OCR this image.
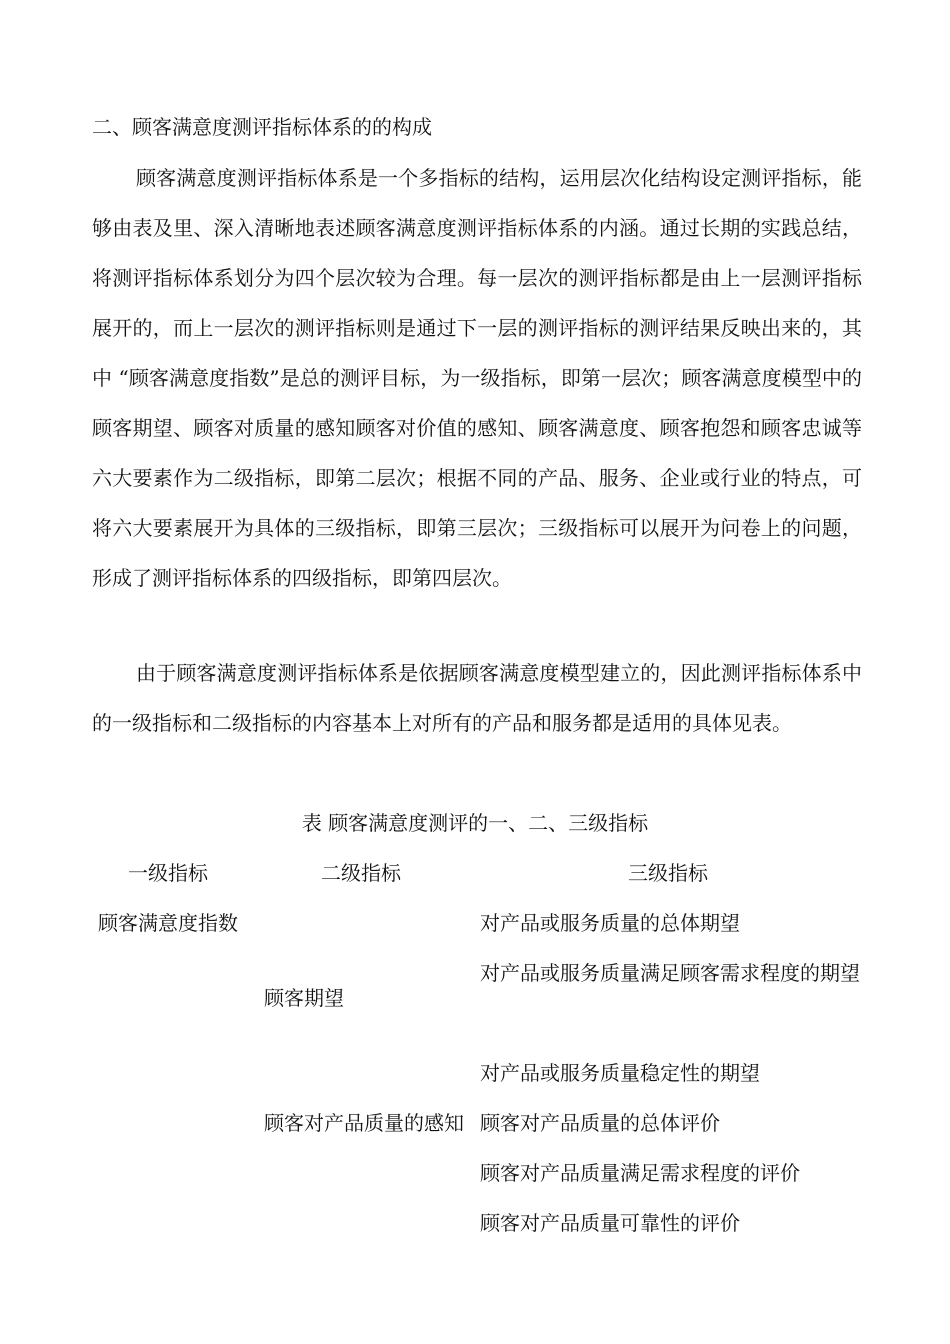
二、顾客满意度测评指标体系的的构成
顾客满意度测评指标体系是一个多指标的结构，运用层次化结构设定测评指标，能够由表及里、深入清晰地表述顾客满意度测评指标体系的内涵。通过长期的实践总结，将测评指标体系划分为四个层次较为合理。每一层次的测评指标都是由上一层测评指标展开的，而上一层次的测评指标则是通过下一层的测评指标的测评结果反映出来的，其中 “顾客满意度指数”是总的测评目标，为一级指标，即第一层次；顾客满意度模型中的顾客期望、顾客对质量的感知顾客对价值的感知、顾客满意度、顾客抱怨和顾客忠诚等六大要素作为二级指标，即第二层次；根据不同的产品、服务、企业或行业的特点，可将六大要素展开为具体的三级指标，即第三层次；三级指标可以展开为问卷上的问题，形成了测评指标体系的四级指标，即第四层次。
由于顾客满意度测评指标体系是依据顾客满意度模型建立的，因此测评指标体系中的一级指标和二级指标的内容基本上对所有的产品和服务都是适用的具体见表。
表 顾客满意度测评的一、二、三级指标
一级指标	二级指标	三级指标
顾客满意度指数
顾客期望
对产品或服务质量的总体期望
对产品或服务质量满足顾客需求程度的期望
对产品或服务质量稳定性的期望
顾客对产品质量的感知 顾客对产品质量的总体评价
顾客对产品质量满足需求程度的评价
顾客对产品质量可靠性的评价
